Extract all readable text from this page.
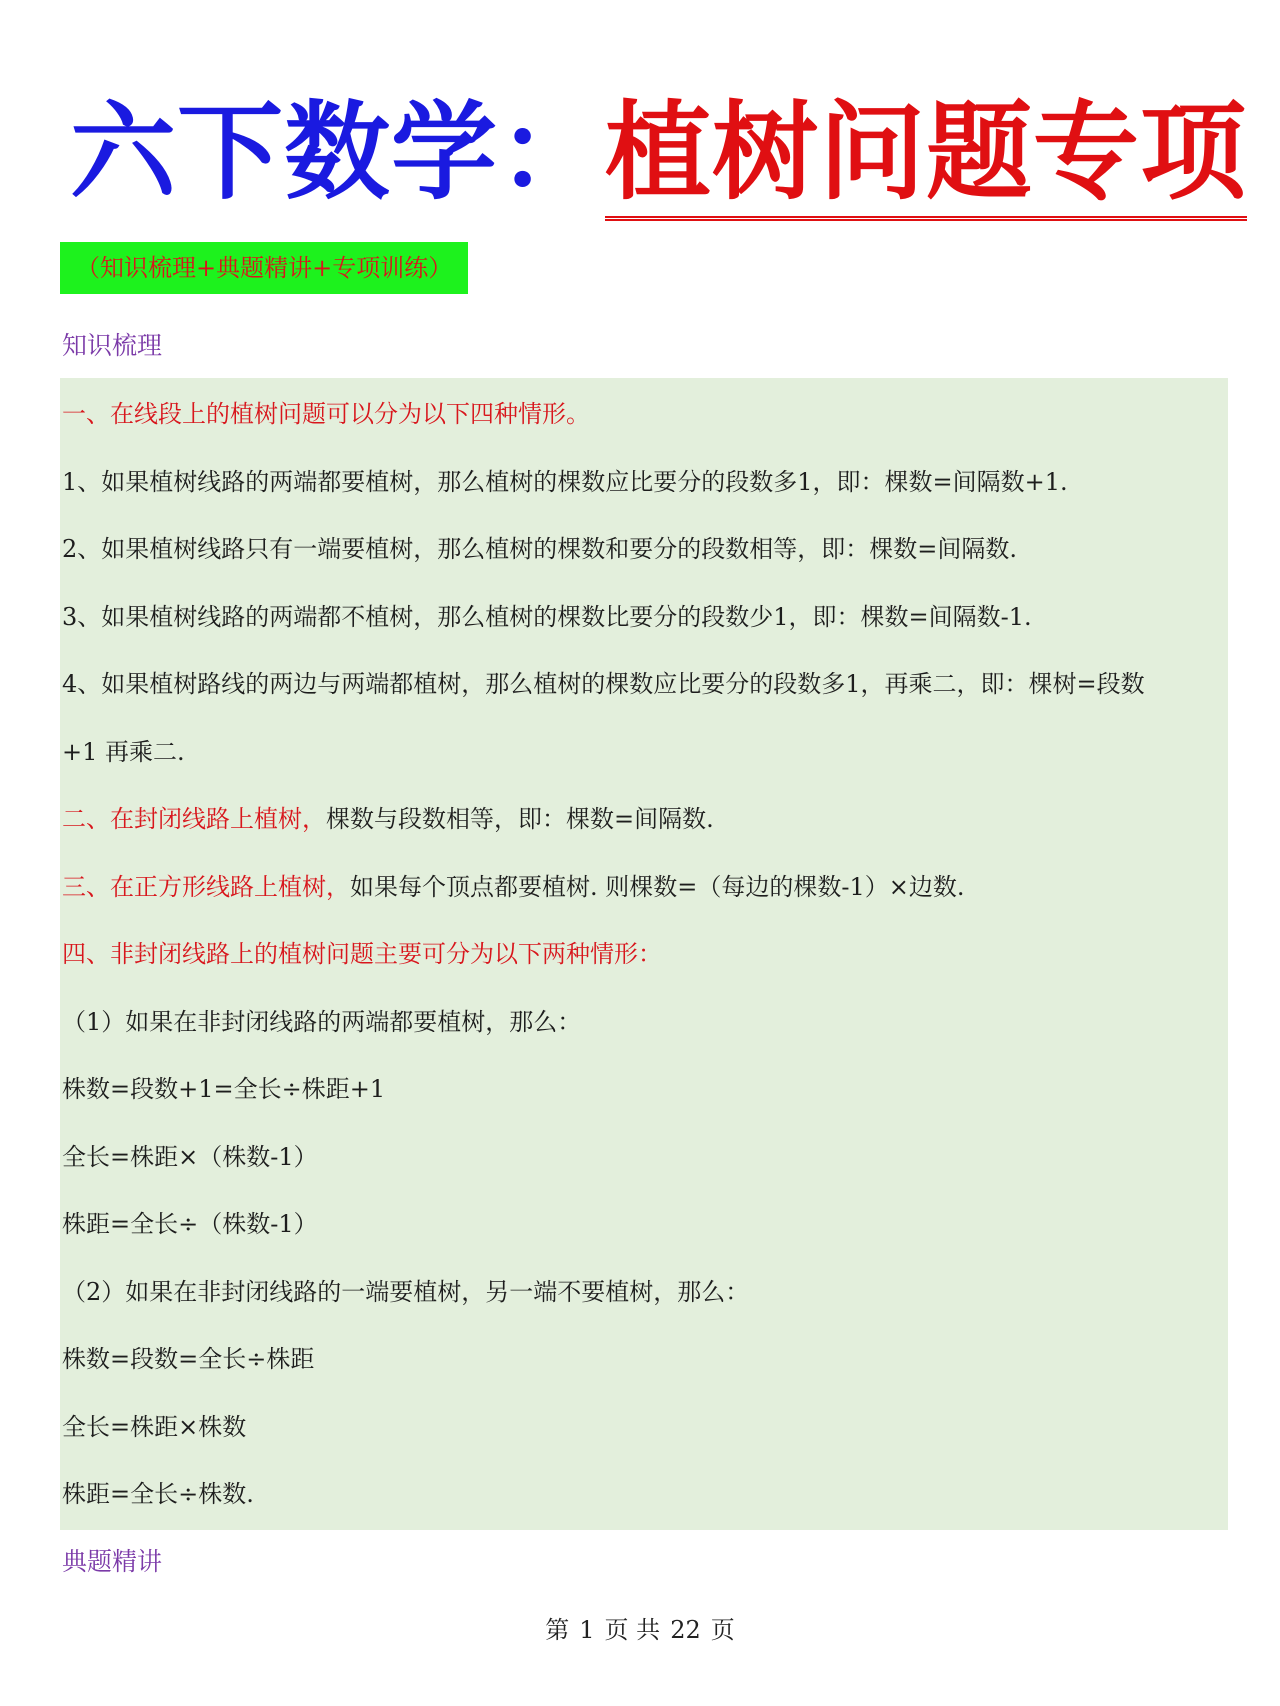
六下数学：植树问题专项
（知识梳理+典题精讲+专项训练）
知识梳理
一、在线段上的植树问题可以分为以下四种情形。
1、如果植树线路的两端都要植树，那么植树的棵数应比要分的段数多1，即：棵数=间隔数+1.
2、如果植树线路只有一端要植树，那么植树的棵数和要分的段数相等，即：棵数=间隔数.
3、如果植树线路的两端都不植树，那么植树的棵数比要分的段数少1，即：棵数=间隔数-1.
4、如果植树路线的两边与两端都植树，那么植树的棵数应比要分的段数多1，再乘二，即：棵树=段数
+1 再乘二.
二、在封闭线路上植树，棵数与段数相等，即：棵数=间隔数.
三、在正方形线路上植树，如果每个顶点都要植树. 则棵数=（每边的棵数-1）×边数.
四、非封闭线路上的植树问题主要可分为以下两种情形：
（1）如果在非封闭线路的两端都要植树，那么：
株数=段数+1=全长÷株距+1
全长=株距×（株数-1）
株距=全长÷（株数-1）
（2）如果在非封闭线路的一端要植树，另一端不要植树，那么：
株数=段数=全长÷株距
全长=株距×株数
株距=全长÷株数.
典题精讲
第 1 页 共 22 页
